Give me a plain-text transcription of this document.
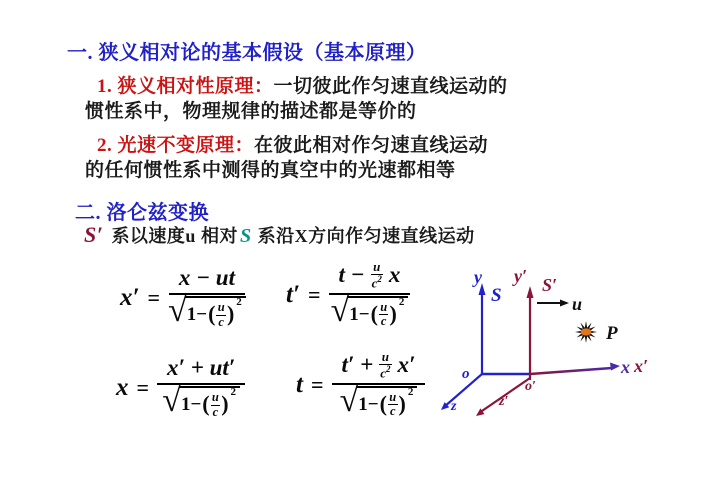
一. 狭义相对论的基本假设（基本原理）
1. 狭义相对性原理：一切彼此作匀速直线运动的
惯性系中，物理规律的描述都是等价的
2. 光速不变原理：在彼此相对作匀速直线运动
的任何惯性系中测得的真空中的光速都相等
二. 洛仑兹变换
S′ 系以速度u 相对 S 系沿X方向作匀速直线运动
x′ =
x − ut
√ 1− ( u
c ) 2 t′ =
$t - \frac{u}{c^2}$ x
√ 1− ( u
c ) 2
x =
x′ + ut′
√ 1− ( u
c ) 2 t =
$t' + \frac{u}{c^2} x'$
√ 1− ( u
c ) 2
y
S
y′ S′
u
P
o
o′
x x′
z	z′
